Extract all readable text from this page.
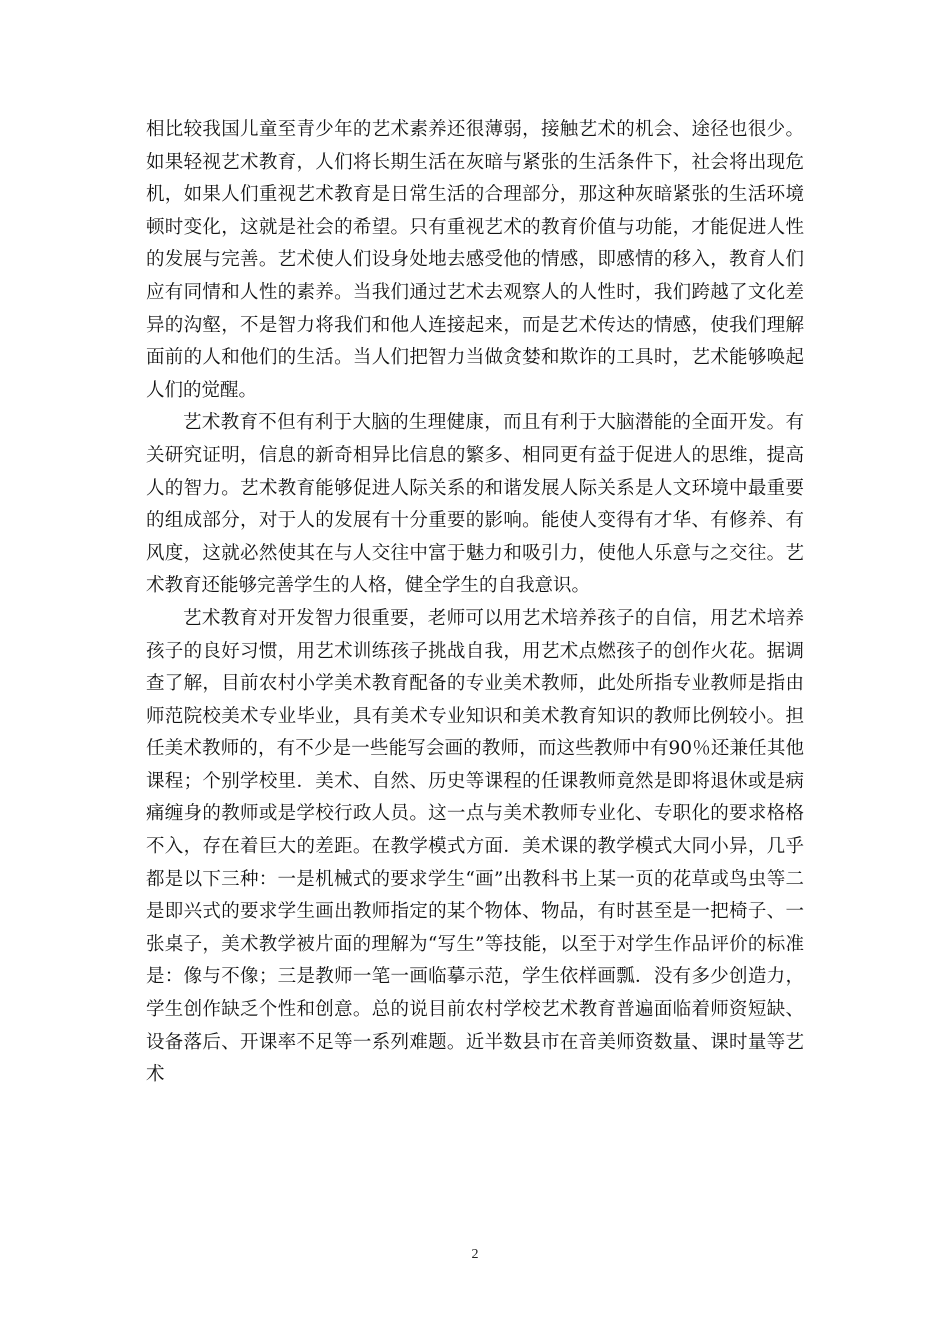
相比较我国儿童至青少年的艺术素养还很薄弱，接触艺术的机会、途径也很少。如果轻视艺术教育，人们将长期生活在灰暗与紧张的生活条件下，社会将出现危机，如果人们重视艺术教育是日常生活的合理部分，那这种灰暗紧张的生活环境顿时变化，这就是社会的希望。只有重视艺术的教育价值与功能，才能促进人性的发展与完善。艺术使人们设身处地去感受他的情感，即感情的移入，教育人们应有同情和人性的素养。当我们通过艺术去观察人的人性时，我们跨越了文化差异的沟壑，不是智力将我们和他人连接起来，而是艺术传达的情感，使我们理解面前的人和他们的生活。当人们把智力当做贪婪和欺诈的工具时，艺术能够唤起人们的觉醒。

艺术教育不但有利于大脑的生理健康，而且有利于大脑潜能的全面开发。有关研究证明，信息的新奇相异比信息的繁多、相同更有益于促进人的思维，提高人的智力。艺术教育能够促进人际关系的和谐发展人际关系是人文环境中最重要的组成部分，对于人的发展有十分重要的影响。能使人变得有才华、有修养、有风度，这就必然使其在与人交往中富于魅力和吸引力，使他人乐意与之交往。艺术教育还能够完善学生的人格，健全学生的自我意识。

艺术教育对开发智力很重要，老师可以用艺术培养孩子的自信，用艺术培养孩子的良好习惯，用艺术训练孩子挑战自我，用艺术点燃孩子的创作火花。据调查了解，目前农村小学美术教育配备的专业美术教师，此处所指专业教师是指由师范院校美术专业毕业，具有美术专业知识和美术教育知识的教师比例较小。担任美术教师的，有不少是一些能写会画的教师，而这些教师中有90％还兼任其他课程；个别学校里．美术、自然、历史等课程的任课教师竟然是即将退休或是病痛缠身的教师或是学校行政人员。这一点与美术教师专业化、专职化的要求格格不入，存在着巨大的差距。在教学模式方面．美术课的教学模式大同小异，几乎都是以下三种：一是机械式的要求学生“画”出教科书上某一页的花草或鸟虫等二是即兴式的要求学生画出教师指定的某个物体、物品，有时甚至是一把椅子、一张桌子，美术教学被片面的理解为“写生”等技能，以至于对学生作品评价的标准是：像与不像；三是教师一笔一画临摹示范，学生依样画瓢．没有多少创造力，学生创作缺乏个性和创意。总的说目前农村学校艺术教育普遍面临着师资短缺、设备落后、开课率不足等一系列难题。近半数县市在音美师资数量、课时量等艺术

2
